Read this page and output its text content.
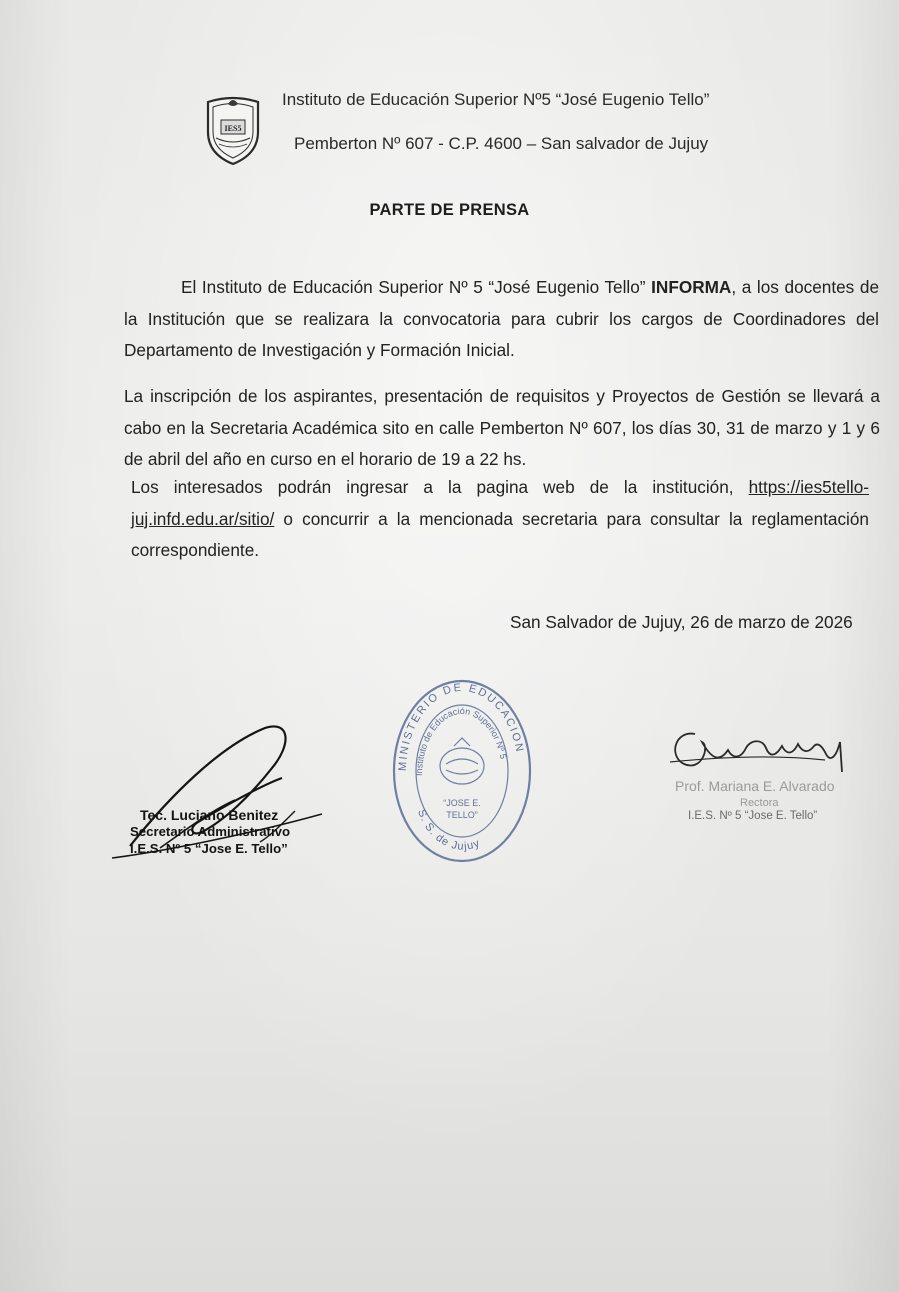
IES5
Instituto de Educación Superior Nº5 “José Eugenio Tello”
Pemberton Nº 607 - C.P. 4600 – San salvador de Jujuy
PARTE DE PRENSA
El Instituto de Educación Superior Nº 5 “José Eugenio Tello” INFORMA, a los docentes de la Institución que se realizara la convocatoria para cubrir los cargos de Coordinadores del Departamento de Investigación y Formación Inicial.
La inscripción de los aspirantes, presentación de requisitos y Proyectos de Gestión se llevará a cabo en la Secretaria Académica sito en calle Pemberton Nº 607, los días 30, 31 de marzo y 1 y 6 de abril del año en curso en el horario de 19 a 22 hs.
Los interesados podrán ingresar a la pagina web de la institución, https://ies5tello-juj.infd.edu.ar/sitio/ o concurrir a la mencionada secretaria para consultar la reglamentación correspondiente.
San Salvador de Jujuy, 26 de marzo de 2026
Tec. Luciano Benitez
Secretario Administrativo
I.E.S. Nº 5 “Jose E. Tello”
MINISTERIO DE EDUCACION
Instituto de Educación Superior Nº 5
“JOSE E.
TELLO”
S. S. de Jujuy
Prof. Mariana E. Alvarado
Rectora
I.E.S. Nº 5 “Jose E. Tello”
